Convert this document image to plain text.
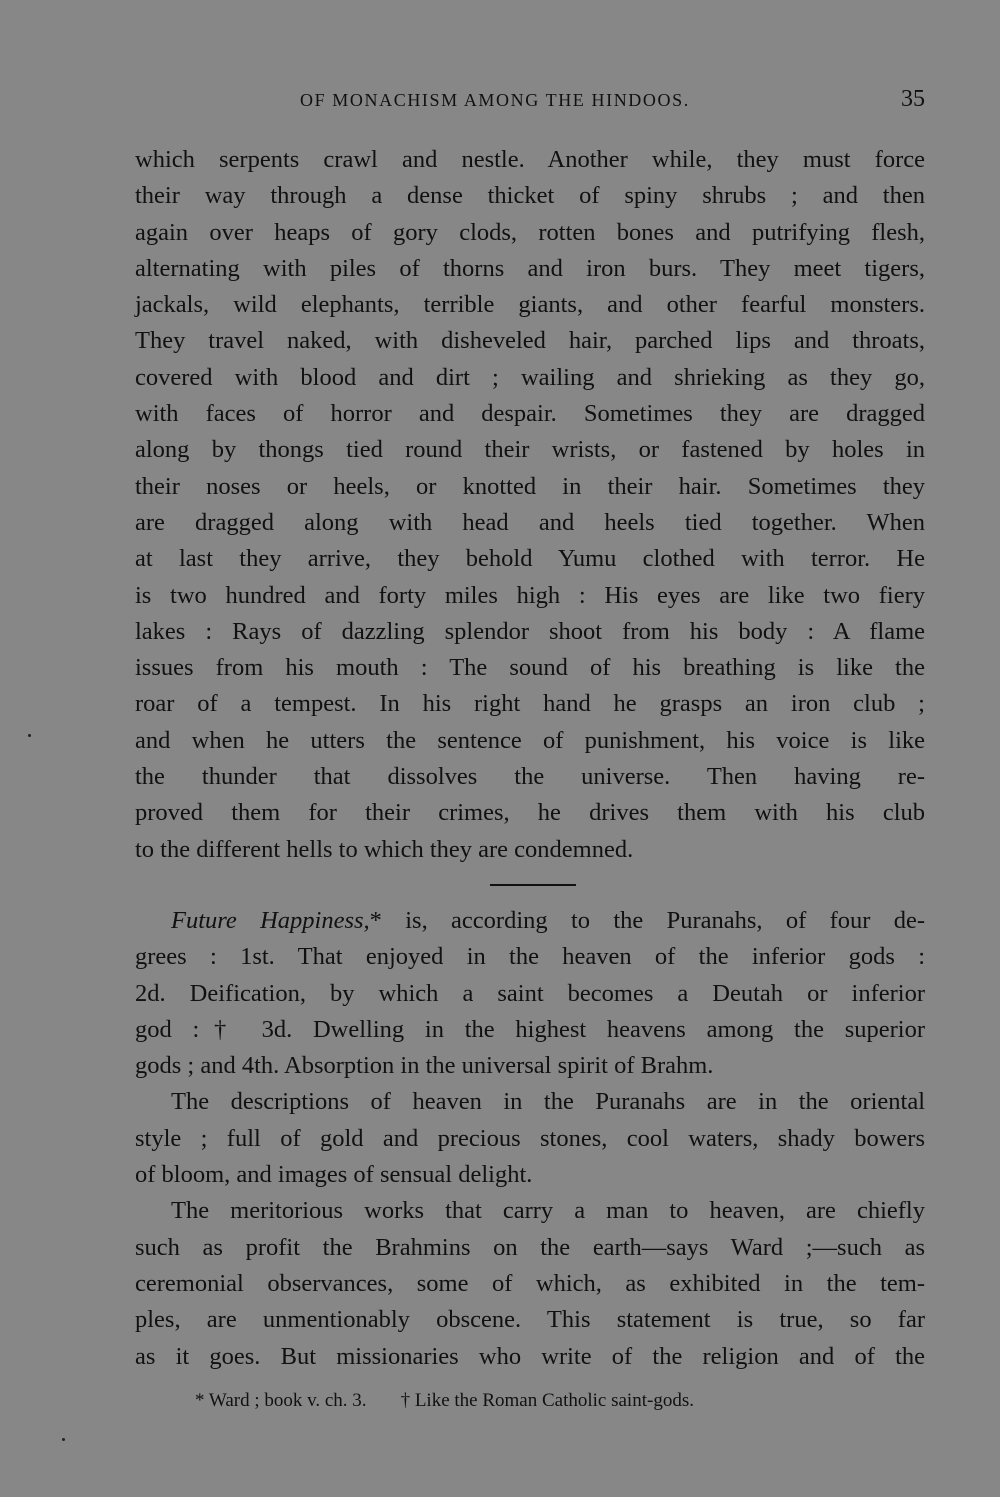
OF MONACHISM AMONG THE HINDOOS.	35
which serpents crawl and nestle. Another while, they must force
their way through a dense thicket of spiny shrubs ; and then
again over heaps of gory clods, rotten bones and putrifying flesh,
alternating with piles of thorns and iron burs. They meet tigers,
jackals, wild elephants, terrible giants, and other fearful monsters.
They travel naked, with disheveled hair, parched lips and throats,
covered with blood and dirt ; wailing and shrieking as they go,
with faces of horror and despair. Sometimes they are dragged
along by thongs tied round their wrists, or fastened by holes in
their noses or heels, or knotted in their hair. Sometimes they
are dragged along with head and heels tied together. When
at last they arrive, they behold Yumu clothed with terror. He
is two hundred and forty miles high : His eyes are like two fiery
lakes : Rays of dazzling splendor shoot from his body : A flame
issues from his mouth : The sound of his breathing is like the
roar of a tempest. In his right hand he grasps an iron club ;
and when he utters the sentence of punishment, his voice is like
the thunder that dissolves the universe. Then having re-
proved them for their crimes, he drives them with his club
to the different hells to which they are condemned.
Future Happiness,* is, according to the Puranahs, of four de-
grees : 1st. That enjoyed in the heaven of the inferior gods :
2d. Deification, by which a saint becomes a Deutah or inferior
god :† 3d. Dwelling in the highest heavens among the superior
gods ; and 4th. Absorption in the universal spirit of Brahm.
The descriptions of heaven in the Puranahs are in the oriental
style ; full of gold and precious stones, cool waters, shady bowers
of bloom, and images of sensual delight.
The meritorious works that carry a man to heaven, are chiefly
such as profit the Brahmins on the earth—says Ward ;—such as
ceremonial observances, some of which, as exhibited in the tem-
ples, are unmentionably obscene. This statement is true, so far
as it goes. But missionaries who write of the religion and of the
* Ward ; book v. ch. 3. † Like the Roman Catholic saint-gods.
